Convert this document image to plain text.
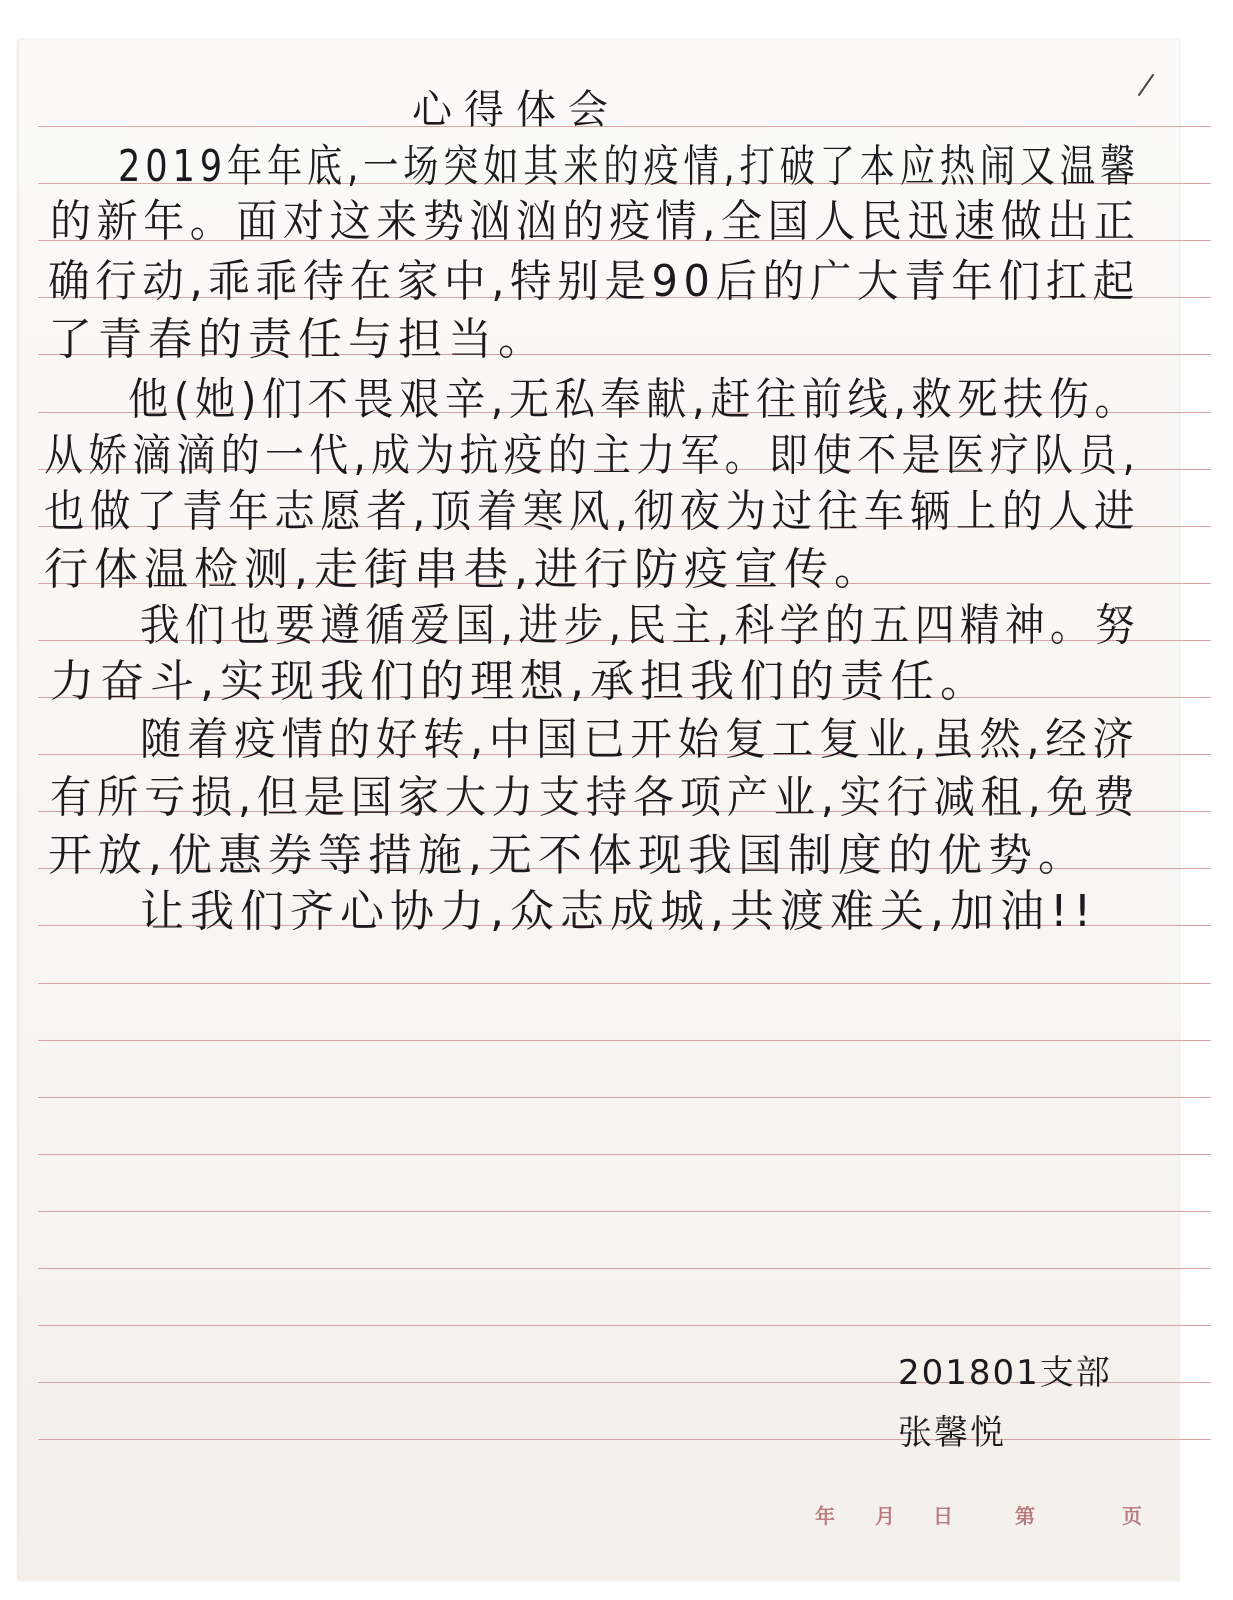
心得体会
2019年年底,一场突如其来的疫情,打破了本应热闹又温馨
的新年。面对这来势汹汹的疫情,全国人民迅速做出正
确行动,乖乖待在家中,特别是90后的广大青年们扛起
了青春的责任与担当。
他(她)们不畏艰辛,无私奉献,赶往前线,救死扶伤。
从娇滴滴的一代,成为抗疫的主力军。即使不是医疗队员,
也做了青年志愿者,顶着寒风,彻夜为过往车辆上的人进
行体温检测,走街串巷,进行防疫宣传。
我们也要遵循爱国,进步,民主,科学的五四精神。努
力奋斗,实现我们的理想,承担我们的责任。
随着疫情的好转,中国已开始复工复业,虽然,经济
有所亏损,但是国家大力支持各项产业,实行减租,免费
开放,优惠券等措施,无不体现我国制度的优势。
让我们齐心协力,众志成城,共渡难关,加油!!
201801支部
张馨悦
年 月 日	第	页
